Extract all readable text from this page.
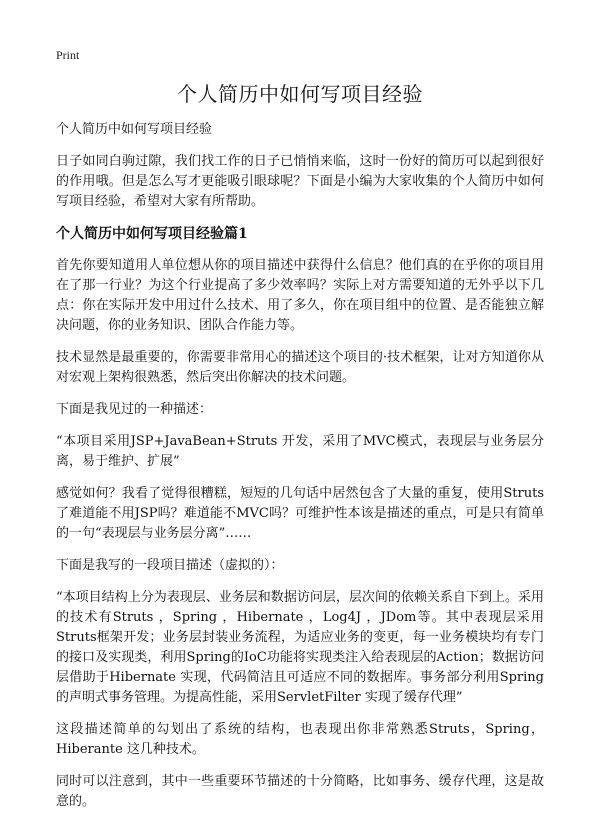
Print
个人简历中如何写项目经验

个人简历中如何写项目经验

日子如同白驹过隙，我们找工作的日子已悄悄来临，这时一份好的简历可以起到很好的作用哦。但是怎么写才更能吸引眼球呢？下面是小编为大家收集的个人简历中如何写项目经验，希望对大家有所帮助。

个人简历中如何写项目经验篇1

首先你要知道用人单位想从你的项目描述中获得什么信息？他们真的在乎你的项目用在了那一行业？为这个行业提高了多少效率吗？实际上对方需要知道的无外乎以下几点：你在实际开发中用过什么技术、用了多久，你在项目组中的位置、是否能独立解决问题，你的业务知识、团队合作能力等。

技术显然是最重要的，你需要非常用心的描述这个项目的·技术框架，让对方知道你从对宏观上架构很熟悉，然后突出你解决的技术问题。

下面是我见过的一种描述：

“本项目采用JSP+JavaBean+Struts 开发，采用了MVC模式，表现层与业务层分离，易于维护、扩展”

感觉如何？我看了觉得很糟糕，短短的几句话中居然包含了大量的重复，使用Struts了难道能不用JSP吗？难道能不MVC吗？可维护性本该是描述的重点，可是只有简单的一句“表现层与业务层分离”……

下面是我写的一段项目描述（虚拟的）：

“本项目结构上分为表现层、业务层和数据访问层，层次间的依赖关系自下到上。采用的技术有Struts ，Spring ，Hibernate ，Log4J ，JDom等。其中表现层采用Struts框架开发；业务层封装业务流程，为适应业务的变更，每一业务模块均有专门的接口及实现类，利用Spring的IoC功能将实现类注入给表现层的Action；数据访问层借助于Hibernate 实现，代码简洁且可适应不同的数据库。事务部分利用Spring的声明式事务管理。为提高性能，采用ServletFilter 实现了缓存代理”

这段描述简单的勾划出了系统的结构，也表现出你非常熟悉Struts，Spring，Hiberante 这几种技术。

同时可以注意到，其中一些重要环节描述的十分简略，比如事务、缓存代理，这是故意的。
